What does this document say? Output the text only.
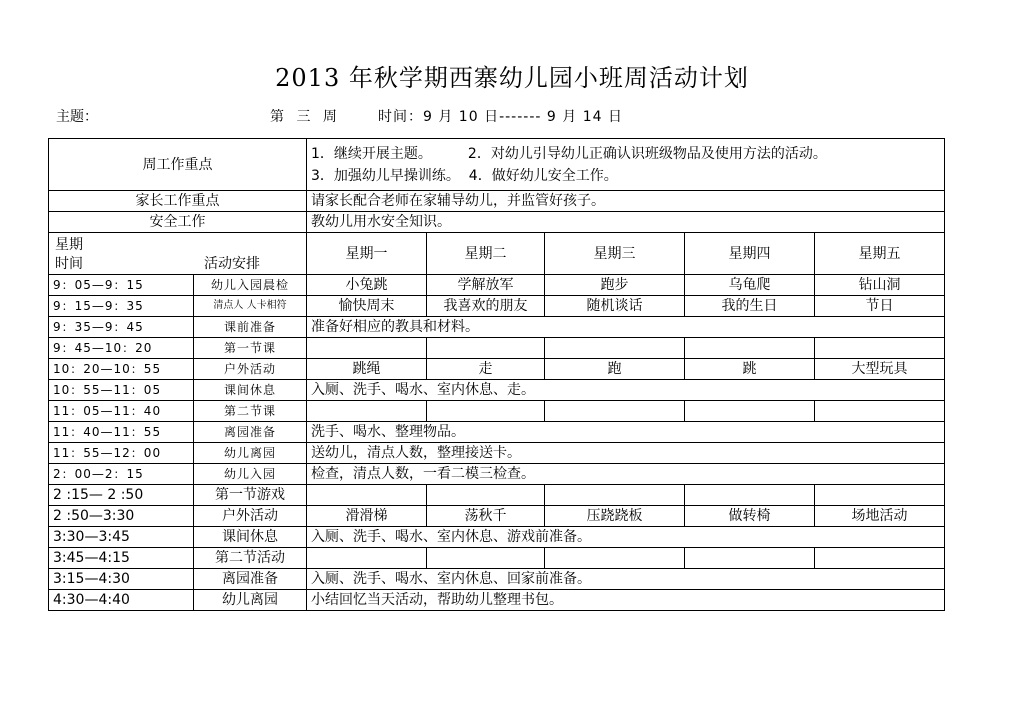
2013 年秋学期西寨幼儿园小班周活动计划
主题：	第 三 周	时间：9 月 10 日------- 9 月 14 日
周工作重点		1．继续开展主题。 2．对幼儿引导幼儿正确认识班级物品及使用方法的活动。
3．加强幼儿早操训练。  4．做好幼儿安全工作。				

家长工作重点		请家长配合老师在家辅导幼儿，并监管好孩子。				
安全工作		教幼儿用水安全知识。				

星期
时间 活动安排		星期一	星期二	星期三	星期四	星期五
9：05—9：15	幼儿入园晨检	小兔跳	学解放军	跑步	乌龟爬	钻山洞
9：15—9：35	清点人 人卡相符	愉快周末	我喜欢的朋友	随机谈话	我的生日	节日
9：35—9：45	课前准备	准备好相应的教具和材料。				
9：45—10：20	第一节课					
10：20—10：55	户外活动	跳绳	走	跑	跳	大型玩具
10：55—11：05	课间休息	入厕、洗手、喝水、室内休息、走。				
11：05—11：40	第二节课					
11：40—11：55	离园准备	洗手、喝水、整理物品。				
11：55—12：00	幼儿离园	送幼儿，清点人数，整理接送卡。				
2：00—2：15	幼儿入园	检查，清点人数，一看二模三检查。				
2 :15— 2 :50	第一节游戏					
2 :50—3:30	户外活动	滑滑梯	荡秋千	压跷跷板	做转椅	场地活动
3:30—3:45	课间休息	入厕、洗手、喝水、室内休息、游戏前准备。				
3:45—4:15	第二节活动					
3:15—4:30	离园准备	入厕、洗手、喝水、室内休息、回家前准备。				
4:30—4:40	幼儿离园	小结回忆当天活动，帮助幼儿整理书包。				
